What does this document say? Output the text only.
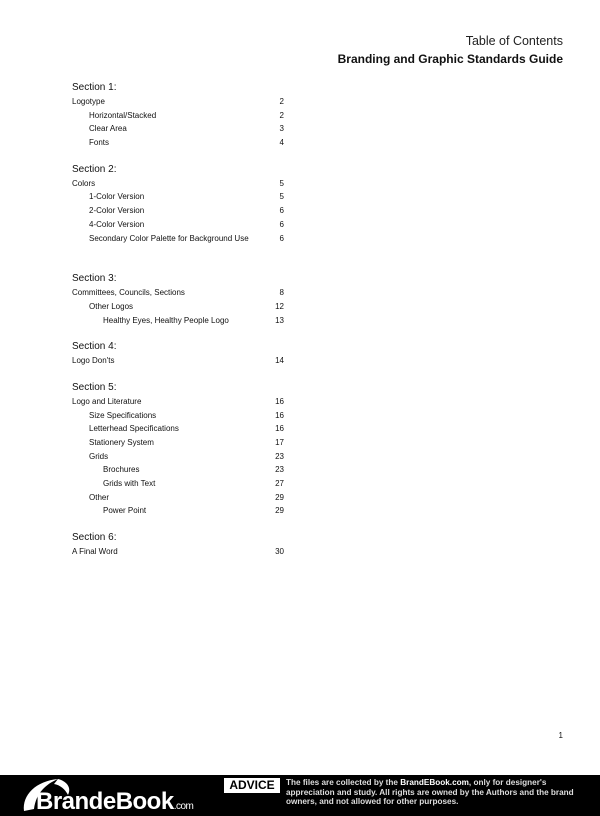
Table of Contents
Branding and Graphic Standards Guide
Section 1:
Logotype	2
Horizontal/Stacked	2
Clear Area	3
Fonts	4
Section 2:
Colors	5
1-Color Version	5
2-Color Version	6
4-Color Version	6
Secondary Color Palette for Background Use	6
Section 3:
Committees, Councils, Sections	8
Other Logos	12
Healthy Eyes, Healthy People Logo	13
Section 4:
Logo Don'ts	14
Section 5:
Logo and Literature	16
Size Specifications	16
Letterhead Specifications	16
Stationery System	17
Grids	23
Brochures	23
Grids with Text	27
Other	29
Power Point	29
Section 6:
A Final Word	30
1
BrandeBook.com
ADVICE	The files are collected by the BrandEBook.com, only for designer's appreciation and study. All rights are owned by the Authors and the brand owners, and not allowed for other purposes.
